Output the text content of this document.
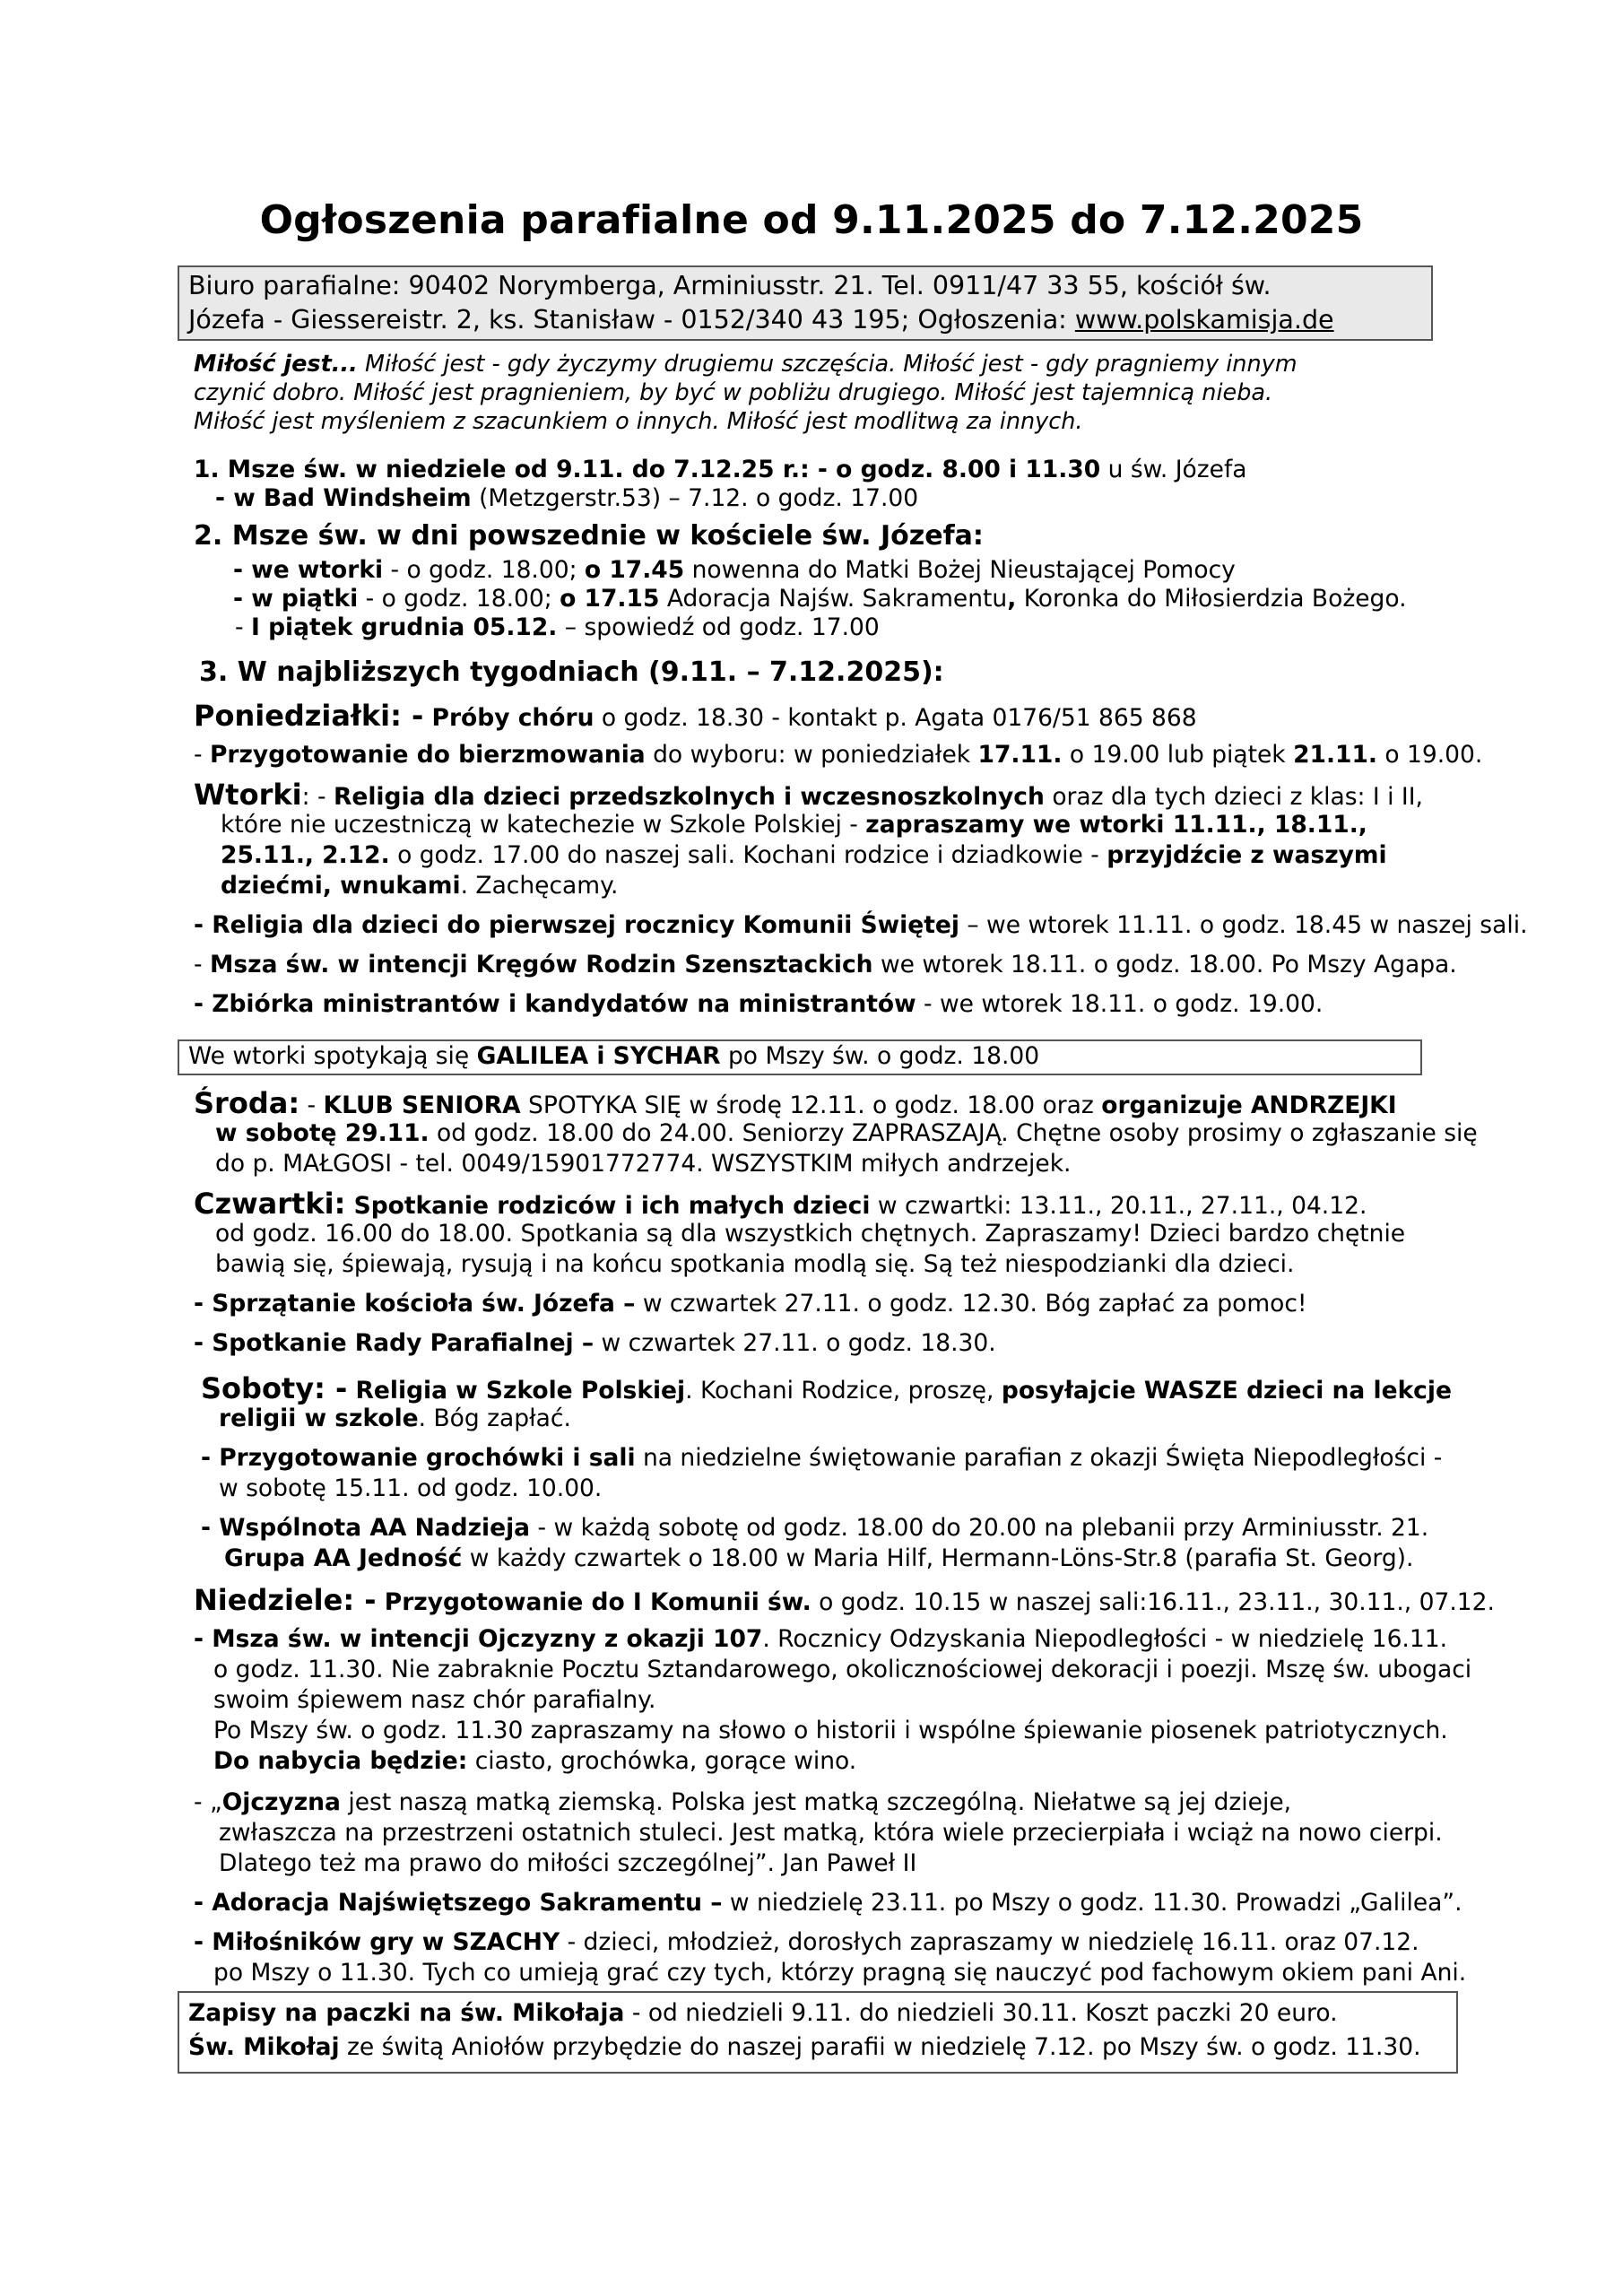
Ogłoszenia parafialne od 9.11.2025 do 7.12.2025
Biuro parafialne: 90402 Norymberga, Arminiusstr. 21. Tel. 0911/47 33 55, kościół św.
Józefa - Giessereistr. 2, ks. Stanisław - 0152/340 43 195; Ogłoszenia: www.polskamisja.de
Miłość jest... Miłość jest - gdy życzymy drugiemu szczęścia. Miłość jest - gdy pragniemy innym
czynić dobro. Miłość jest pragnieniem, by być w pobliżu drugiego. Miłość jest tajemnicą nieba.
Miłość jest myśleniem z szacunkiem o innych. Miłość jest modlitwą za innych.
1. Msze św. w niedziele od 9.11. do 7.12.25 r.: - o godz. 8.00 i 11.30 u św. Józefa
- w Bad Windsheim (Metzgerstr.53) – 7.12. o godz. 17.00
2. Msze św. w dni powszednie w kościele św. Józefa:
- we wtorki - o godz. 18.00; o 17.45 nowenna do Matki Bożej Nieustającej Pomocy
- w piątki - o godz. 18.00; o 17.15 Adoracja Najśw. Sakramentu, Koronka do Miłosierdzia Bożego.
- I piątek grudnia 05.12. – spowiedź od godz. 17.00
3. W najbliższych tygodniach (9.11. – 7.12.2025):
Poniedziałki: - Próby chóru o godz. 18.30 - kontakt p. Agata 0176/51 865 868
- Przygotowanie do bierzmowania do wyboru: w poniedziałek 17.11. o 19.00 lub piątek 21.11. o 19.00.
Wtorki: - Religia dla dzieci przedszkolnych i wczesnoszkolnych oraz dla tych dzieci z klas: I i II,
które nie uczestniczą w katechezie w Szkole Polskiej - zapraszamy we wtorki 11.11., 18.11.,
25.11., 2.12. o godz. 17.00 do naszej sali. Kochani rodzice i dziadkowie - przyjdźcie z waszymi
dziećmi, wnukami. Zachęcamy.
- Religia dla dzieci do pierwszej rocznicy Komunii Świętej – we wtorek 11.11. o godz. 18.45 w naszej sali.
- Msza św. w intencji Kręgów Rodzin Szensztackich we wtorek 18.11. o godz. 18.00. Po Mszy Agapa.
- Zbiórka ministrantów i kandydatów na ministrantów - we wtorek 18.11. o godz. 19.00.
We wtorki spotykają się GALILEA i SYCHAR po Mszy św. o godz. 18.00
Środa: - KLUB SENIORA SPOTYKA SIĘ w środę 12.11. o godz. 18.00 oraz organizuje ANDRZEJKI
w sobotę 29.11. od godz. 18.00 do 24.00. Seniorzy ZAPRASZAJĄ. Chętne osoby prosimy o zgłaszanie się
do p. MAŁGOSI - tel. 0049/15901772774. WSZYSTKIM miłych andrzejek.
Czwartki: Spotkanie rodziców i ich małych dzieci w czwartki: 13.11., 20.11., 27.11., 04.12.
od godz. 16.00 do 18.00. Spotkania są dla wszystkich chętnych. Zapraszamy! Dzieci bardzo chętnie
bawią się, śpiewają, rysują i na końcu spotkania modlą się. Są też niespodzianki dla dzieci.
- Sprzątanie kościoła św. Józefa – w czwartek 27.11. o godz. 12.30. Bóg zapłać za pomoc!
- Spotkanie Rady Parafialnej – w czwartek 27.11. o godz. 18.30.
Soboty: - Religia w Szkole Polskiej. Kochani Rodzice, proszę, posyłajcie WASZE dzieci na lekcje
religii w szkole. Bóg zapłać.
- Przygotowanie grochówki i sali na niedzielne świętowanie parafian z okazji Święta Niepodległości -
w sobotę 15.11. od godz. 10.00.
- Wspólnota AA Nadzieja - w każdą sobotę od godz. 18.00 do 20.00 na plebanii przy Arminiusstr. 21.
Grupa AA Jedność w każdy czwartek o 18.00 w Maria Hilf, Hermann-Löns-Str.8 (parafia St. Georg).
Niedziele: - Przygotowanie do I Komunii św. o godz. 10.15 w naszej sali:16.11., 23.11., 30.11., 07.12.
- Msza św. w intencji Ojczyzny z okazji 107. Rocznicy Odzyskania Niepodległości - w niedzielę 16.11.
o godz. 11.30. Nie zabraknie Pocztu Sztandarowego, okolicznościowej dekoracji i poezji. Mszę św. ubogaci
swoim śpiewem nasz chór parafialny.
Po Mszy św. o godz. 11.30 zapraszamy na słowo o historii i wspólne śpiewanie piosenek patriotycznych.
Do nabycia będzie: ciasto, grochówka, gorące wino.
- „Ojczyzna jest naszą matką ziemską. Polska jest matką szczególną. Niełatwe są jej dzieje,
zwłaszcza na przestrzeni ostatnich stuleci. Jest matką, która wiele przecierpiała i wciąż na nowo cierpi.
Dlatego też ma prawo do miłości szczególnej”. Jan Paweł II
- Adoracja Najświętszego Sakramentu – w niedzielę 23.11. po Mszy o godz. 11.30. Prowadzi „Galilea”.
- Miłośników gry w SZACHY - dzieci, młodzież, dorosłych zapraszamy w niedzielę 16.11. oraz 07.12.
po Mszy o 11.30. Tych co umieją grać czy tych, którzy pragną się nauczyć pod fachowym okiem pani Ani.
Zapisy na paczki na św. Mikołaja - od niedzieli 9.11. do niedzieli 30.11. Koszt paczki 20 euro.
Św. Mikołaj ze świtą Aniołów przybędzie do naszej parafii w niedzielę 7.12. po Mszy św. o godz. 11.30.
